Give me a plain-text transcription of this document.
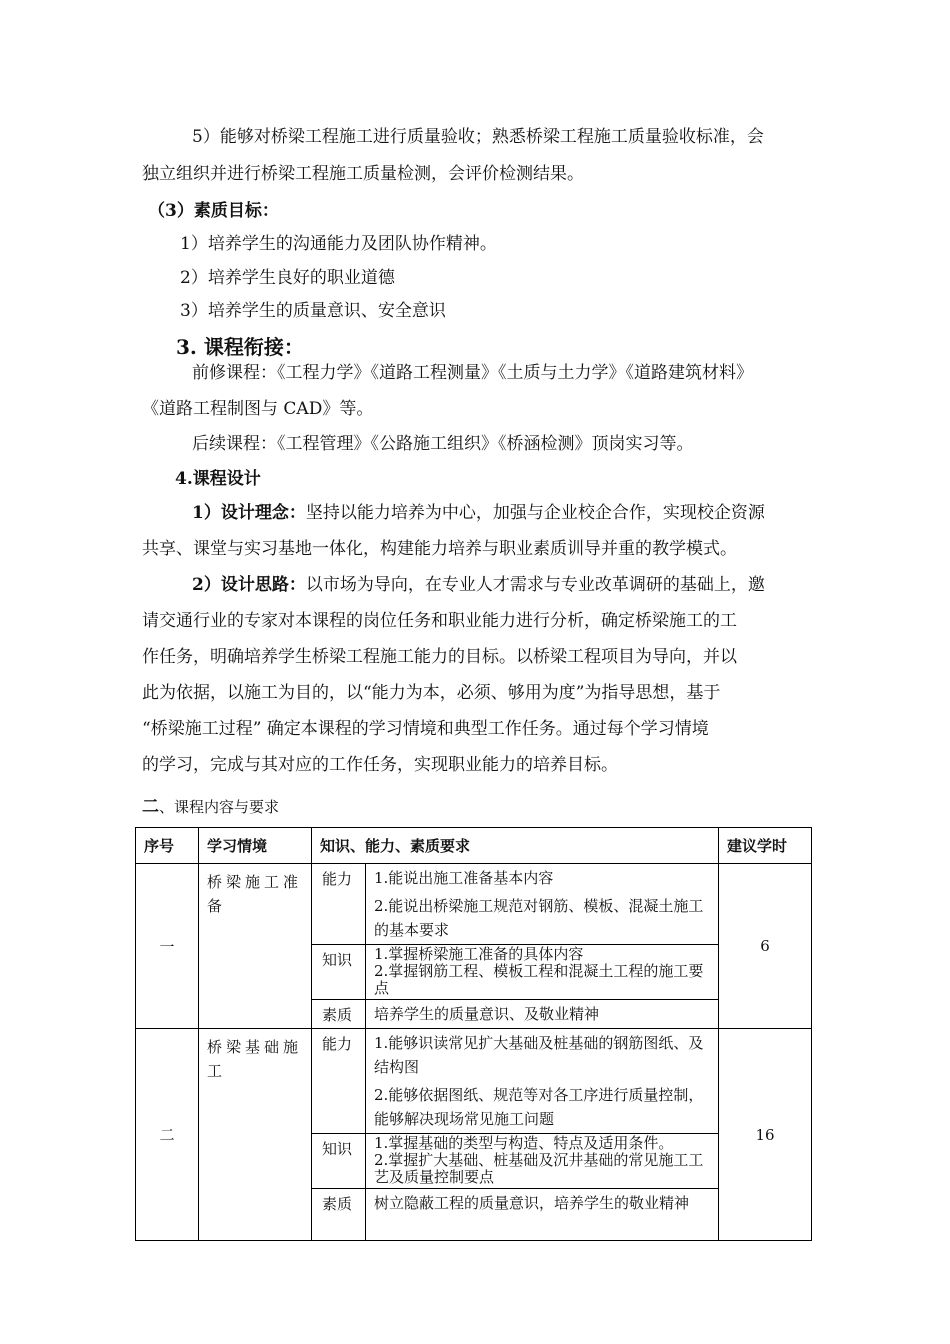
5）能够对桥梁工程施工进行质量验收；熟悉桥梁工程施工质量验收标准，会
独立组织并进行桥梁工程施工质量检测，会评价检测结果。
（3）素质目标：
1）培养学生的沟通能力及团队协作精神。
2）培养学生良好的职业道德
3）培养学生的质量意识、安全意识
3. 课程衔接：
前修课程：《工程力学》《道路工程测量》《土质与土力学》《道路建筑材料》
《道路工程制图与 CAD》等。
后续课程：《工程管理》《公路施工组织》《桥涵检测》顶岗实习等。
4.课程设计
1）设计理念：坚持以能力培养为中心，加强与企业校企合作，实现校企资源
共享、课堂与实习基地一体化，构建能力培养与职业素质训导并重的教学模式。
2）设计思路：以市场为导向，在专业人才需求与专业改革调研的基础上，邀
请交通行业的专家对本课程的岗位任务和职业能力进行分析，确定桥梁施工的工
作任务，明确培养学生桥梁工程施工能力的目标。以桥梁工程项目为导向，并以
此为依据，以施工为目的，以“能力为本，必须、够用为度”为指导思想，基于
“桥梁施工过程” 确定本课程的学习情境和典型工作任务。通过每个学习情境
的学习，完成与其对应的工作任务，实现职业能力的培养目标。
二、课程内容与要求
序号	学习情境	知识、能力、素质要求		建议学时
一	桥梁施工准备	能力	1.能说出施工准备基本内容
2.能说出桥梁施工规范对钢筋、模板、混凝土施工的基本要求	6
		知识	1.掌握桥梁施工准备的具体内容
2.掌握钢筋工程、模板工程和混凝土工程的施工要点	

		素质	培养学生的质量意识、及敬业精神	
二	桥梁基础施工	能力	1.能够识读常见扩大基础及桩基础的钢筋图纸、及结构图
2.能够依据图纸、规范等对各工序进行质量控制，能够解决现场常见施工问题	16
		知识	1.掌握基础的类型与构造、特点及适用条件。
2.掌握扩大基础、桩基础及沉井基础的常见施工工艺及质量控制要点	

		素质	树立隐蔽工程的质量意识，培养学生的敬业精神	
